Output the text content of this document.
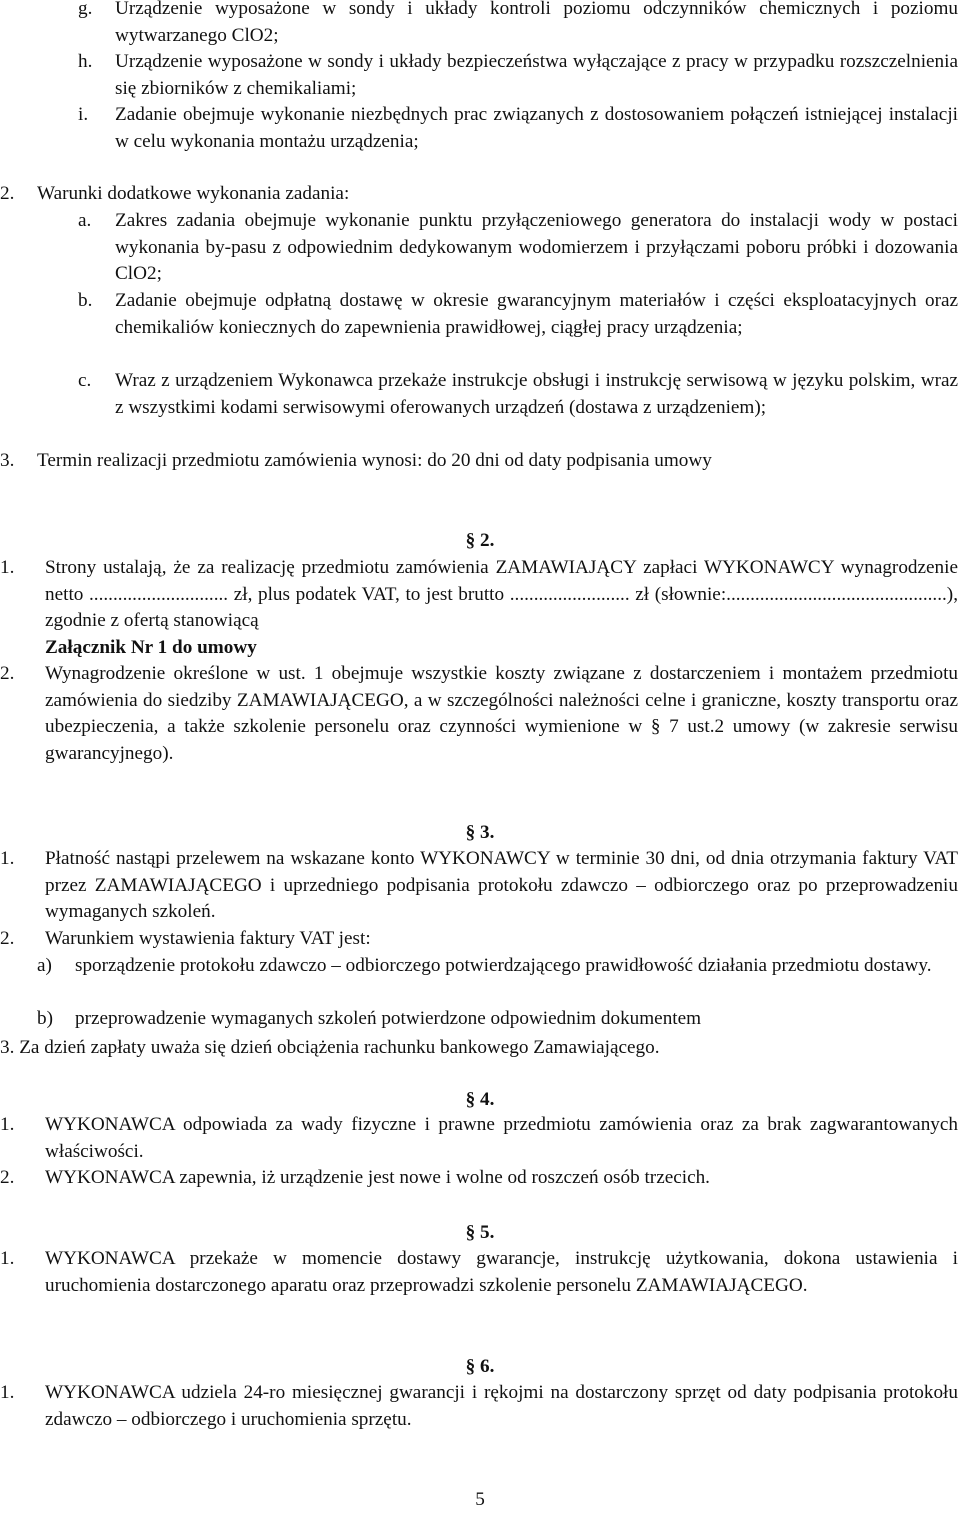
g. Urządzenie wyposażone w sondy i układy kontroli poziomu odczynników chemicznych i poziomu wytwarzanego ClO2;
h. Urządzenie wyposażone w sondy i układy bezpieczeństwa wyłączające z pracy w przypadku rozszczelnienia się zbiorników z chemikaliami;
i. Zadanie obejmuje wykonanie niezbędnych prac związanych z dostosowaniem połączeń istniejącej instalacji w celu wykonania montażu urządzenia;
2. Warunki dodatkowe wykonania zadania:
a. Zakres zadania obejmuje wykonanie punktu przyłączeniowego generatora do instalacji wody w postaci wykonania by-pasu z odpowiednim dedykowanym wodomierzem i przyłączami poboru próbki i dozowania ClO2;
b. Zadanie obejmuje odpłatną dostawę w okresie gwarancyjnym materiałów i części eksploatacyjnych oraz chemikaliów koniecznych do zapewnienia prawidłowej, ciągłej pracy urządzenia;
c. Wraz z urządzeniem Wykonawca przekaże instrukcje obsługi i instrukcję serwisową w języku polskim, wraz z wszystkimi kodami serwisowymi oferowanych urządzeń (dostawa z urządzeniem);
3. Termin realizacji przedmiotu zamówienia wynosi: do 20 dni od daty podpisania umowy
§ 2.
1. Strony ustalają, że za realizację przedmiotu zamówienia ZAMAWIAJĄCY zapłaci WYKONAWCY wynagrodzenie netto ............................. zł, plus podatek VAT, to jest brutto ......................... zł (słownie:..............................................), zgodnie z ofertą stanowiącą
Załącznik Nr 1 do umowy
2. Wynagrodzenie określone w ust. 1 obejmuje wszystkie koszty związane z dostarczeniem i montażem przedmiotu zamówienia do siedziby ZAMAWIAJĄCEGO, a w szczególności należności celne i graniczne, koszty transportu oraz ubezpieczenia, a także szkolenie personelu oraz czynności wymienione w § 7 ust.2 umowy (w zakresie serwisu gwarancyjnego).
§ 3.
1. Płatność nastąpi przelewem na wskazane konto WYKONAWCY w terminie 30 dni, od dnia otrzymania faktury VAT przez ZAMAWIAJĄCEGO i uprzedniego podpisania protokołu zdawczo – odbiorczego oraz po przeprowadzeniu wymaganych szkoleń.
2. Warunkiem wystawienia faktury VAT jest:
a) sporządzenie protokołu zdawczo – odbiorczego potwierdzającego prawidłowość działania przedmiotu dostawy.
b) przeprowadzenie wymaganych szkoleń potwierdzone odpowiednim dokumentem
3. Za dzień zapłaty uważa się dzień obciążenia rachunku bankowego Zamawiającego.
§ 4.
1. WYKONAWCA odpowiada za wady fizyczne i prawne przedmiotu zamówienia oraz za brak zagwarantowanych właściwości.
2. WYKONAWCA zapewnia, iż urządzenie jest nowe i wolne od roszczeń osób trzecich.
§ 5.
1. WYKONAWCA przekaże w momencie dostawy gwarancje, instrukcję użytkowania, dokona ustawienia i uruchomienia dostarczonego aparatu oraz przeprowadzi szkolenie personelu ZAMAWIAJĄCEGO.
§ 6.
1. WYKONAWCA udziela 24-ro miesięcznej gwarancji i rękojmi na dostarczony sprzęt od daty podpisania protokołu zdawczo – odbiorczego i uruchomienia sprzętu.
5
